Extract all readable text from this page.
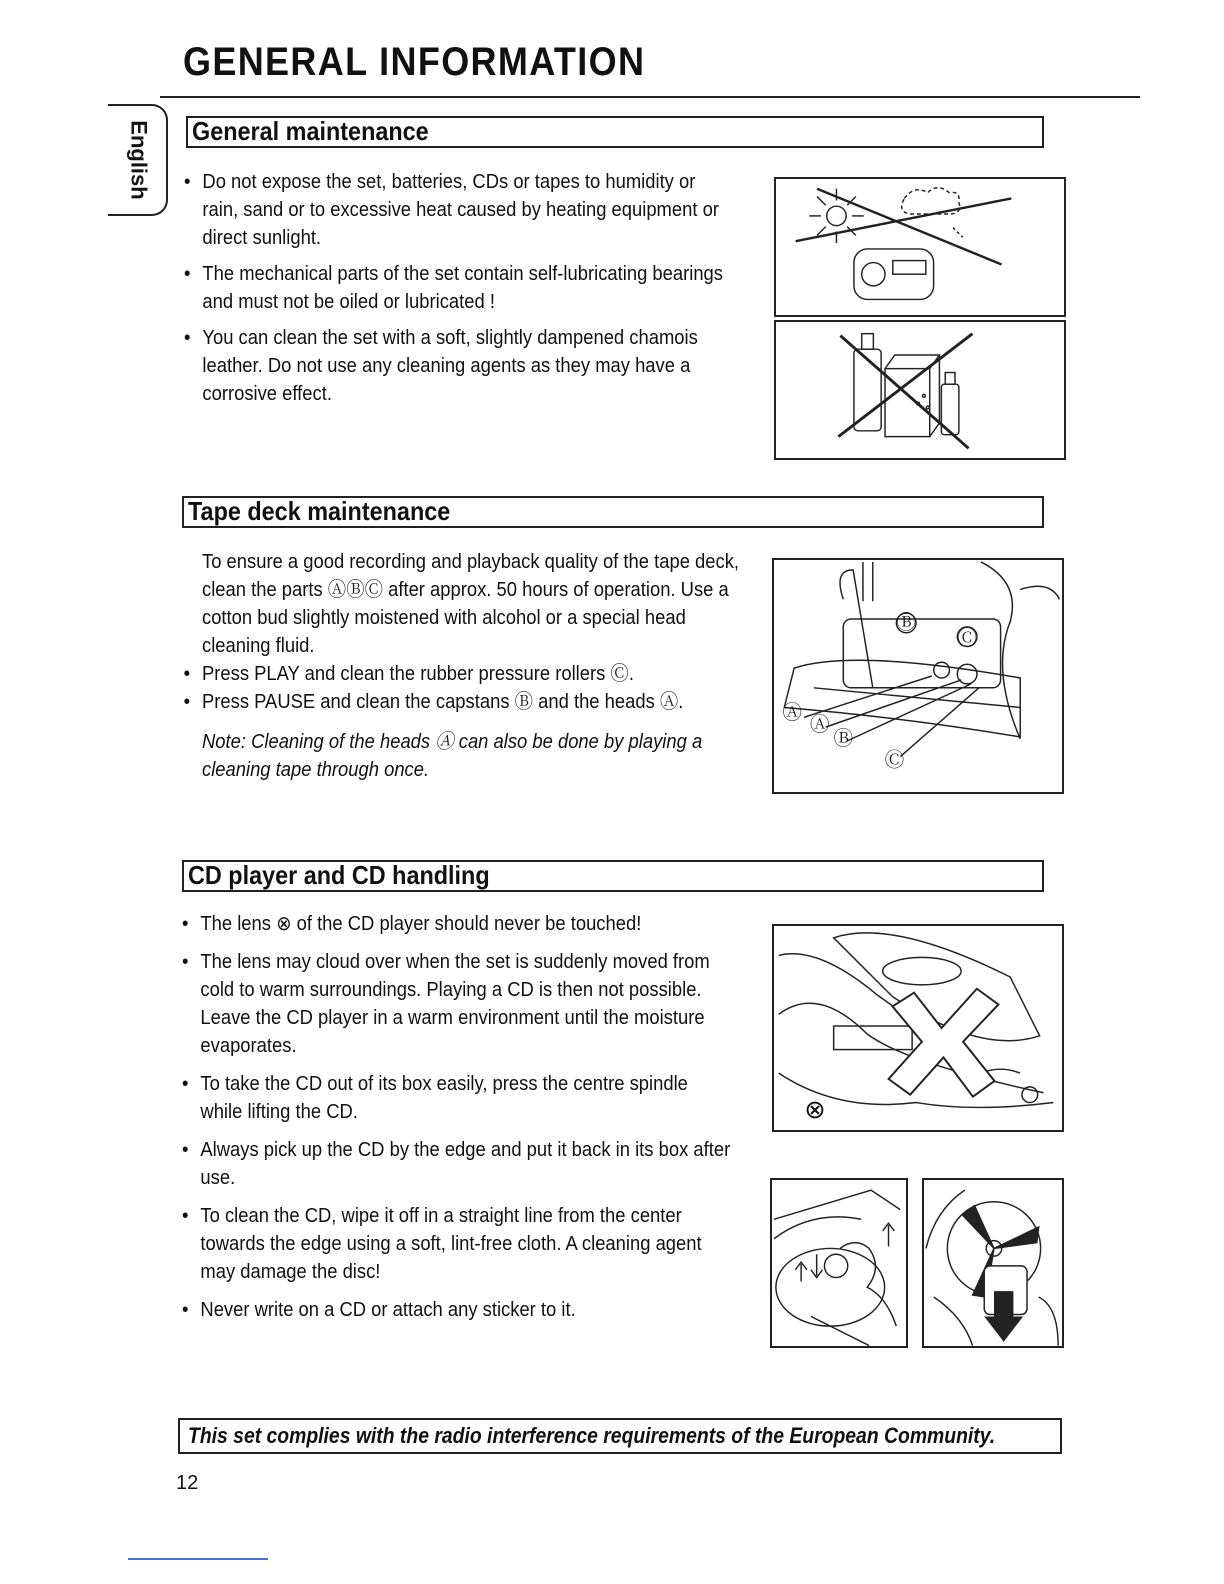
GENERAL INFORMATION
English General maintenance
• Do not expose the set, batteries, CDs or tapes to humidity or rain, sand or to excessive heat caused by heating equipment or direct sunlight.
• The mechanical parts of the set contain self-lubricating bearings and must not be oiled or lubricated !
• You can clean the set with a soft, slightly dampened chamois leather. Do not use any cleaning agents as they may have a corrosive effect.
Tape deck maintenance
To ensure a good recording and playback quality of the tape deck, clean the parts ⒶⒷⒸ after approx. 50 hours of operation. Use a cotton bud slightly moistened with alcohol or a special head cleaning fluid.
• Press PLAY and clean the rubber pressure rollers Ⓒ.
• Press PAUSE and clean the capstans Ⓑ and the heads Ⓐ.
Note: Cleaning of the heads Ⓐ can also be done by playing a cleaning tape through once.
Ⓐ
Ⓐ
Ⓑ
Ⓒ
Ⓑ
Ⓒ
CD player and CD handling
• The lens ⊗ of the CD player should never be touched!
• The lens may cloud over when the set is suddenly moved from cold to warm surroundings. Playing a CD is then not possible. Leave the CD player in a warm environment until the moisture evaporates.
• To take the CD out of its box easily, press the centre spindle while lifting the CD.
• Always pick up the CD by the edge and put it back in its box after use.
• To clean the CD, wipe it off in a straight line from the center towards the edge using a soft, lint-free cloth. A cleaning agent may damage the disc!
• Never write on a CD or attach any sticker to it.
⊗
This set complies with the radio interference requirements of the European Community.
12
